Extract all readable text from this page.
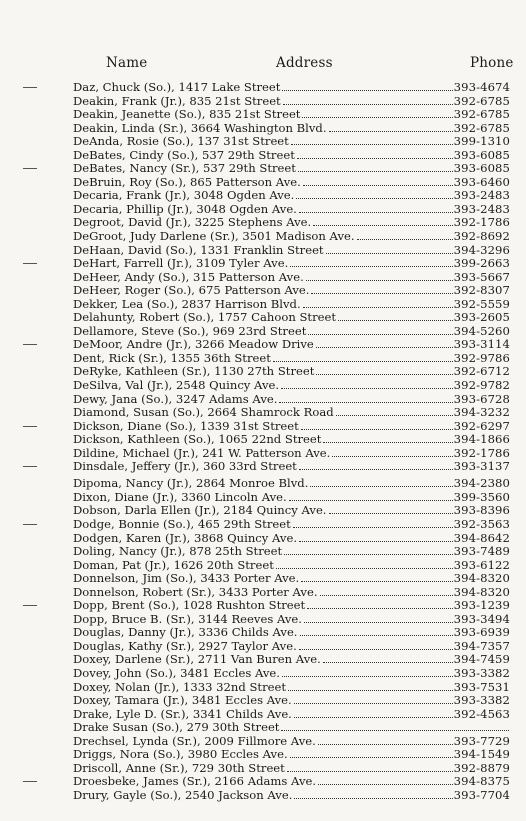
Name	Address	Phone
Daz, Chuck (So.), 1417 Lake Street	393-4674
Deakin, Frank (Jr.), 835 21st Street	392-6785
Deakin, Jeanette (So.), 835 21st Street	392-6785
Deakin, Linda (Sr.), 3664 Washington Blvd.	392-6785
DeAnda, Rosie (So.), 137 31st Street	399-1310
DeBates, Cindy (So.), 537 29th Street	393-6085
DeBates, Nancy (Sr.), 537 29th Street	393-6085
DeBruin, Roy (So.), 865 Patterson Ave.	393-6460
Decaria, Frank (Jr.), 3048 Ogden Ave.	393-2483
Decaria, Phillip (Jr.), 3048 Ogden Ave.	393-2483
Degroot, David (Jr.), 3225 Stephens Ave.	392-1786
DeGroot, Judy Darlene (Sr.), 3501 Madison Ave.	392-8692
DeHaan, David (So.), 1331 Franklin Street	394-3296
DeHart, Farrell (Jr.), 3109 Tyler Ave.	399-2663
DeHeer, Andy (So.), 315 Patterson Ave.	393-5667
DeHeer, Roger (So.), 675 Patterson Ave.	392-8307
Dekker, Lea (So.), 2837 Harrison Blvd.	392-5559
Delahunty, Robert (So.), 1757 Cahoon Street	393-2605
Dellamore, Steve (So.), 969 23rd Street	394-5260
DeMoor, Andre (Jr.), 3266 Meadow Drive	393-3114
Dent, Rick (Sr.), 1355 36th Street	392-9786
DeRyke, Kathleen (Sr.), 1130 27th Street	392-6712
DeSilva, Val (Jr.), 2548 Quincy Ave.	392-9782
Dewy, Jana (So.), 3247 Adams Ave.	393-6728
Diamond, Susan (So.), 2664 Shamrock Road	394-3232
Dickson, Diane (So.), 1339 31st Street	392-6297
Dickson, Kathleen (So.), 1065 22nd Street	394-1866
Dildine, Michael (Jr.), 241 W. Patterson Ave.	392-1786
Dinsdale, Jeffery (Jr.), 360 33rd Street	393-3137
Dipoma, Nancy (Jr.), 2864 Monroe Blvd.	394-2380
Dixon, Diane (Jr.), 3360 Lincoln Ave.	399-3560
Dobson, Darla Ellen (Jr.), 2184 Quincy Ave.	393-8396
Dodge, Bonnie (So.), 465 29th Street	392-3563
Dodgen, Karen (Jr.), 3868 Quincy Ave.	394-8642
Doling, Nancy (Jr.), 878 25th Street	393-7489
Doman, Pat (Jr.), 1626 20th Street	393-6122
Donnelson, Jim (So.), 3433 Porter Ave.	394-8320
Donnelson, Robert (Sr.), 3433 Porter Ave.	394-8320
Dopp, Brent (So.), 1028 Rushton Street	393-1239
Dopp, Bruce B. (Sr.), 3144 Reeves Ave.	393-3494
Douglas, Danny (Jr.), 3336 Childs Ave.	393-6939
Douglas, Kathy (Sr.), 2927 Taylor Ave.	394-7357
Doxey, Darlene (Sr.), 2711 Van Buren Ave.	394-7459
Dovey, John (So.), 3481 Eccles Ave.	393-3382
Doxey, Nolan (Jr.), 1333 32nd Street	393-7531
Doxey, Tamara (Jr.), 3481 Eccles Ave.	393-3382
Drake, Lyle D. (Sr.), 3341 Childs Ave.	392-4563
Drake Susan (So.), 279 30th Street
Drechsel, Lynda (Sr.), 2009 Fillmore Ave.	393-7729
Driggs, Nora (So.), 3980 Eccles Ave.	394-1549
Driscoll, Anne (Sr.), 729 30th Street	392-8879
Droesbeke, James (Sr.), 2166 Adams Ave.	394-8375
Drury, Gayle (So.), 2540 Jackson Ave.	393-7704
